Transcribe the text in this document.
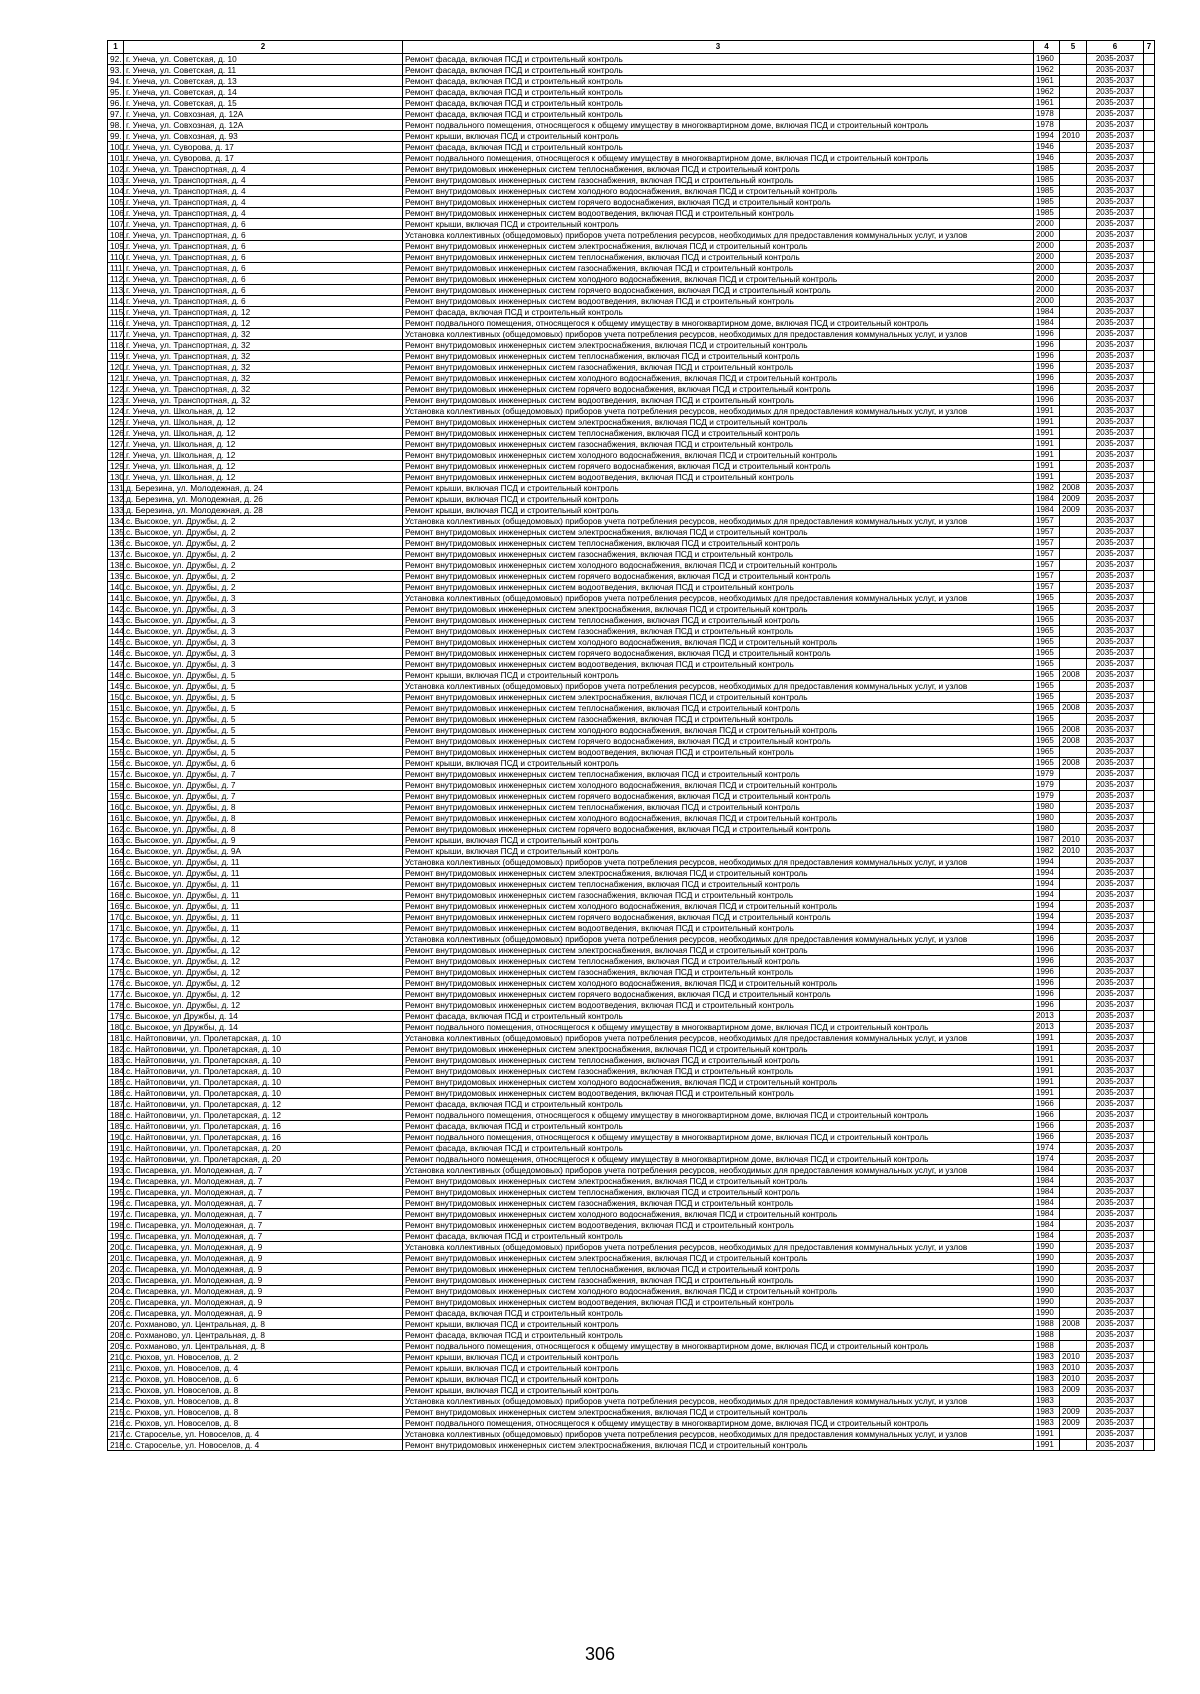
1	2	3	4	5	6	7
92.	г. Унеча, ул. Советская, д. 10	Ремонт фасада, включая ПСД и строительный контроль	1960		2035-2037	
93.	г. Унеча, ул. Советская, д. 11	Ремонт фасада, включая ПСД и строительный контроль	1962		2035-2037	
94.	г. Унеча, ул. Советская, д. 13	Ремонт фасада, включая ПСД и строительный контроль	1961		2035-2037	
95.	г. Унеча, ул. Советская, д. 14	Ремонт фасада, включая ПСД и строительный контроль	1962		2035-2037	
96.	г. Унеча, ул. Советская, д. 15	Ремонт фасада, включая ПСД и строительный контроль	1961		2035-2037	
97.	г. Унеча, ул. Совхозная, д. 12А	Ремонт фасада, включая ПСД и строительный контроль	1978		2035-2037	
98.	г. Унеча, ул. Совхозная, д. 12А	Ремонт подвального помещения, относящегося к общему имуществу в многоквартирном доме, включая ПСД и строительный контроль	1978		2035-2037	
99.	г. Унеча, ул. Совхозная, д. 93	Ремонт крыши, включая ПСД и строительный контроль	1994	2010	2035-2037	
100.	г. Унеча, ул. Суворова, д. 17	Ремонт фасада, включая ПСД и строительный контроль	1946		2035-2037	
101.	г. Унеча, ул. Суворова, д. 17	Ремонт подвального помещения, относящегося к общему имуществу в многоквартирном доме, включая ПСД и строительный контроль	1946		2035-2037	
102.	г. Унеча, ул. Транспортная, д. 4	Ремонт внутридомовых инженерных систем теплоснабжения, включая ПСД и строительный контроль	1985		2035-2037	
103.	г. Унеча, ул. Транспортная, д. 4	Ремонт внутридомовых инженерных систем газоснабжения, включая ПСД и строительный контроль	1985		2035-2037	
104.	г. Унеча, ул. Транспортная, д. 4	Ремонт внутридомовых инженерных систем холодного водоснабжения, включая ПСД и строительный контроль	1985		2035-2037	
105.	г. Унеча, ул. Транспортная, д. 4	Ремонт внутридомовых инженерных систем горячего водоснабжения, включая ПСД и строительный контроль	1985		2035-2037	
106.	г. Унеча, ул. Транспортная, д. 4	Ремонт внутридомовых инженерных систем водоотведения, включая ПСД и строительный контроль	1985		2035-2037	
107.	г. Унеча, ул. Транспортная, д. 6	Ремонт крыши, включая ПСД и строительный контроль	2000		2035-2037	
108.	г. Унеча, ул. Транспортная, д. 6	Установка коллективных (общедомовых) приборов учета потребления ресурсов, необходимых для предоставления коммунальных услуг, и узлов	2000		2035-2037	
109.	г. Унеча, ул. Транспортная, д. 6	Ремонт внутридомовых инженерных систем электроснабжения, включая ПСД и строительный контроль	2000		2035-2037	
110.	г. Унеча, ул. Транспортная, д. 6	Ремонт внутридомовых инженерных систем теплоснабжения, включая ПСД и строительный контроль	2000		2035-2037	
111.	г. Унеча, ул. Транспортная, д. 6	Ремонт внутридомовых инженерных систем газоснабжения, включая ПСД и строительный контроль	2000		2035-2037	
112.	г. Унеча, ул. Транспортная, д. 6	Ремонт внутридомовых инженерных систем холодного водоснабжения, включая ПСД и строительный контроль	2000		2035-2037	
113.	г. Унеча, ул. Транспортная, д. 6	Ремонт внутридомовых инженерных систем горячего водоснабжения, включая ПСД и строительный контроль	2000		2035-2037	
114.	г. Унеча, ул. Транспортная, д. 6	Ремонт внутридомовых инженерных систем водоотведения, включая ПСД и строительный контроль	2000		2035-2037	
115.	г. Унеча, ул. Транспортная, д. 12	Ремонт фасада, включая ПСД и строительный контроль	1984		2035-2037	
116.	г. Унеча, ул. Транспортная, д. 12	Ремонт подвального помещения, относящегося к общему имуществу в многоквартирном доме, включая ПСД и строительный контроль	1984		2035-2037	
117.	г. Унеча, ул. Транспортная, д. 32	Установка коллективных (общедомовых) приборов учета потребления ресурсов, необходимых для предоставления коммунальных услуг, и узлов	1996		2035-2037	
118.	г. Унеча, ул. Транспортная, д. 32	Ремонт внутридомовых инженерных систем электроснабжения, включая ПСД и строительный контроль	1996		2035-2037	
119.	г. Унеча, ул. Транспортная, д. 32	Ремонт внутридомовых инженерных систем теплоснабжения, включая ПСД и строительный контроль	1996		2035-2037	
120.	г. Унеча, ул. Транспортная, д. 32	Ремонт внутридомовых инженерных систем газоснабжения, включая ПСД и строительный контроль	1996		2035-2037	
121.	г. Унеча, ул. Транспортная, д. 32	Ремонт внутридомовых инженерных систем холодного водоснабжения, включая ПСД и строительный контроль	1996		2035-2037	
122.	г. Унеча, ул. Транспортная, д. 32	Ремонт внутридомовых инженерных систем горячего водоснабжения, включая ПСД и строительный контроль	1996		2035-2037	
123.	г. Унеча, ул. Транспортная, д. 32	Ремонт внутридомовых инженерных систем водоотведения, включая ПСД и строительный контроль	1996		2035-2037	
124.	г. Унеча, ул. Школьная, д. 12	Установка коллективных (общедомовых) приборов учета потребления ресурсов, необходимых для предоставления коммунальных услуг, и узлов	1991		2035-2037	
125.	г. Унеча, ул. Школьная, д. 12	Ремонт внутридомовых инженерных систем электроснабжения, включая ПСД и строительный контроль	1991		2035-2037	
126.	г. Унеча, ул. Школьная, д. 12	Ремонт внутридомовых инженерных систем теплоснабжения, включая ПСД и строительный контроль	1991		2035-2037	
127.	г. Унеча, ул. Школьная, д. 12	Ремонт внутридомовых инженерных систем газоснабжения, включая ПСД и строительный контроль	1991		2035-2037	
128.	г. Унеча, ул. Школьная, д. 12	Ремонт внутридомовых инженерных систем холодного водоснабжения, включая ПСД и строительный контроль	1991		2035-2037	
129.	г. Унеча, ул. Школьная, д. 12	Ремонт внутридомовых инженерных систем горячего водоснабжения, включая ПСД и строительный контроль	1991		2035-2037	
130.	г. Унеча, ул. Школьная, д. 12	Ремонт внутридомовых инженерных систем водоотведения, включая ПСД и строительный контроль	1991		2035-2037	
131.	д. Березина, ул. Молодежная, д. 24	Ремонт крыши, включая ПСД и строительный контроль	1982	2008	2035-2037	
132.	д. Березина, ул. Молодежная, д. 26	Ремонт крыши, включая ПСД и строительный контроль	1984	2009	2035-2037	
133.	д. Березина, ул. Молодежная, д. 28	Ремонт крыши, включая ПСД и строительный контроль	1984	2009	2035-2037	
134.	с. Высокое, ул. Дружбы, д. 2	Установка коллективных (общедомовых) приборов учета потребления ресурсов, необходимых для предоставления коммунальных услуг, и узлов	1957		2035-2037	
135.	с. Высокое, ул. Дружбы, д. 2	Ремонт внутридомовых инженерных систем электроснабжения, включая ПСД и строительный контроль	1957		2035-2037	
136.	с. Высокое, ул. Дружбы, д. 2	Ремонт внутридомовых инженерных систем теплоснабжения, включая ПСД и строительный контроль	1957		2035-2037	
137.	с. Высокое, ул. Дружбы, д. 2	Ремонт внутридомовых инженерных систем газоснабжения, включая ПСД и строительный контроль	1957		2035-2037	
138.	с. Высокое, ул. Дружбы, д. 2	Ремонт внутридомовых инженерных систем холодного водоснабжения, включая ПСД и строительный контроль	1957		2035-2037	
139.	с. Высокое, ул. Дружбы, д. 2	Ремонт внутридомовых инженерных систем горячего водоснабжения, включая ПСД и строительный контроль	1957		2035-2037	
140.	с. Высокое, ул. Дружбы, д. 2	Ремонт внутридомовых инженерных систем водоотведения, включая ПСД и строительный контроль	1957		2035-2037	
141.	с. Высокое, ул. Дружбы, д. 3	Установка коллективных (общедомовых) приборов учета потребления ресурсов, необходимых для предоставления коммунальных услуг, и узлов	1965		2035-2037	
142.	с. Высокое, ул. Дружбы, д. 3	Ремонт внутридомовых инженерных систем электроснабжения, включая ПСД и строительный контроль	1965		2035-2037	
143.	с. Высокое, ул. Дружбы, д. 3	Ремонт внутридомовых инженерных систем теплоснабжения, включая ПСД и строительный контроль	1965		2035-2037	
144.	с. Высокое, ул. Дружбы, д. 3	Ремонт внутридомовых инженерных систем газоснабжения, включая ПСД и строительный контроль	1965		2035-2037	
145.	с. Высокое, ул. Дружбы, д. 3	Ремонт внутридомовых инженерных систем холодного водоснабжения, включая ПСД и строительный контроль	1965		2035-2037	
146.	с. Высокое, ул. Дружбы, д. 3	Ремонт внутридомовых инженерных систем горячего водоснабжения, включая ПСД и строительный контроль	1965		2035-2037	
147.	с. Высокое, ул. Дружбы, д. 3	Ремонт внутридомовых инженерных систем водоотведения, включая ПСД и строительный контроль	1965		2035-2037	
148.	с. Высокое, ул. Дружбы, д. 5	Ремонт крыши, включая ПСД и строительный контроль	1965	2008	2035-2037	
149.	с. Высокое, ул. Дружбы, д. 5	Установка коллективных (общедомовых) приборов учета потребления ресурсов, необходимых для предоставления коммунальных услуг, и узлов	1965		2035-2037	
150.	с. Высокое, ул. Дружбы, д. 5	Ремонт внутридомовых инженерных систем электроснабжения, включая ПСД и строительный контроль	1965		2035-2037	
151.	с. Высокое, ул. Дружбы, д. 5	Ремонт внутридомовых инженерных систем теплоснабжения, включая ПСД и строительный контроль	1965	2008	2035-2037	
152.	с. Высокое, ул. Дружбы, д. 5	Ремонт внутридомовых инженерных систем газоснабжения, включая ПСД и строительный контроль	1965		2035-2037	
153.	с. Высокое, ул. Дружбы, д. 5	Ремонт внутридомовых инженерных систем холодного водоснабжения, включая ПСД и строительный контроль	1965	2008	2035-2037	
154.	с. Высокое, ул. Дружбы, д. 5	Ремонт внутридомовых инженерных систем горячего водоснабжения, включая ПСД и строительный контроль	1965	2008	2035-2037	
155.	с. Высокое, ул. Дружбы, д. 5	Ремонт внутридомовых инженерных систем водоотведения, включая ПСД и строительный контроль	1965		2035-2037	
156.	с. Высокое, ул. Дружбы, д. 6	Ремонт крыши, включая ПСД и строительный контроль	1965	2008	2035-2037	
157.	с. Высокое, ул. Дружбы, д. 7	Ремонт внутридомовых инженерных систем теплоснабжения, включая ПСД и строительный контроль	1979		2035-2037	
158.	с. Высокое, ул. Дружбы, д. 7	Ремонт внутридомовых инженерных систем холодного водоснабжения, включая ПСД и строительный контроль	1979		2035-2037	
159.	с. Высокое, ул. Дружбы, д. 7	Ремонт внутридомовых инженерных систем горячего водоснабжения, включая ПСД и строительный контроль	1979		2035-2037	
160.	с. Высокое, ул. Дружбы, д. 8	Ремонт внутридомовых инженерных систем теплоснабжения, включая ПСД и строительный контроль	1980		2035-2037	
161.	с. Высокое, ул. Дружбы, д. 8	Ремонт внутридомовых инженерных систем холодного водоснабжения, включая ПСД и строительный контроль	1980		2035-2037	
162.	с. Высокое, ул. Дружбы, д. 8	Ремонт внутридомовых инженерных систем горячего водоснабжения, включая ПСД и строительный контроль	1980		2035-2037	
163.	с. Высокое, ул. Дружбы, д. 9	Ремонт крыши, включая ПСД и строительный контроль	1987	2010	2035-2037	
164.	с. Высокое, ул. Дружбы, д. 9А	Ремонт крыши, включая ПСД и строительный контроль	1982	2010	2035-2037	
165.	с. Высокое, ул. Дружбы, д. 11	Установка коллективных (общедомовых) приборов учета потребления ресурсов, необходимых для предоставления коммунальных услуг, и узлов	1994		2035-2037	
166.	с. Высокое, ул. Дружбы, д. 11	Ремонт внутридомовых инженерных систем электроснабжения, включая ПСД и строительный контроль	1994		2035-2037	
167.	с. Высокое, ул. Дружбы, д. 11	Ремонт внутридомовых инженерных систем теплоснабжения, включая ПСД и строительный контроль	1994		2035-2037	
168.	с. Высокое, ул. Дружбы, д. 11	Ремонт внутридомовых инженерных систем газоснабжения, включая ПСД и строительный контроль	1994		2035-2037	
169.	с. Высокое, ул. Дружбы, д. 11	Ремонт внутридомовых инженерных систем холодного водоснабжения, включая ПСД и строительный контроль	1994		2035-2037	
170.	с. Высокое, ул. Дружбы, д. 11	Ремонт внутридомовых инженерных систем горячего водоснабжения, включая ПСД и строительный контроль	1994		2035-2037	
171.	с. Высокое, ул. Дружбы, д. 11	Ремонт внутридомовых инженерных систем водоотведения, включая ПСД и строительный контроль	1994		2035-2037	
172.	с. Высокое, ул. Дружбы, д. 12	Установка коллективных (общедомовых) приборов учета потребления ресурсов, необходимых для предоставления коммунальных услуг, и узлов	1996		2035-2037	
173.	с. Высокое, ул. Дружбы, д. 12	Ремонт внутридомовых инженерных систем электроснабжения, включая ПСД и строительный контроль	1996		2035-2037	
174.	с. Высокое, ул. Дружбы, д. 12	Ремонт внутридомовых инженерных систем теплоснабжения, включая ПСД и строительный контроль	1996		2035-2037	
175.	с. Высокое, ул. Дружбы, д. 12	Ремонт внутридомовых инженерных систем газоснабжения, включая ПСД и строительный контроль	1996		2035-2037	
176.	с. Высокое, ул. Дружбы, д. 12	Ремонт внутридомовых инженерных систем холодного водоснабжения, включая ПСД и строительный контроль	1996		2035-2037	
177.	с. Высокое, ул. Дружбы, д. 12	Ремонт внутридомовых инженерных систем горячего водоснабжения, включая ПСД и строительный контроль	1996		2035-2037	
178.	с. Высокое, ул. Дружбы, д. 12	Ремонт внутридомовых инженерных систем водоотведения, включая ПСД и строительный контроль	1996		2035-2037	
179.	с. Высокое, ул Дружбы, д. 14	Ремонт фасада, включая ПСД и строительный контроль	2013		2035-2037	
180.	с. Высокое, ул Дружбы, д. 14	Ремонт подвального помещения, относящегося к общему имуществу в многоквартирном доме, включая ПСД и строительный контроль	2013		2035-2037	
181.	с. Найтоповичи, ул. Пролетарская, д. 10	Установка коллективных (общедомовых) приборов учета потребления ресурсов, необходимых для предоставления коммунальных услуг, и узлов	1991		2035-2037	
182.	с. Найтоповичи, ул. Пролетарская, д. 10	Ремонт внутридомовых инженерных систем электроснабжения, включая ПСД и строительный контроль	1991		2035-2037	
183.	с. Найтоповичи, ул. Пролетарская, д. 10	Ремонт внутридомовых инженерных систем теплоснабжения, включая ПСД и строительный контроль	1991		2035-2037	
184.	с. Найтоповичи, ул. Пролетарская, д. 10	Ремонт внутридомовых инженерных систем газоснабжения, включая ПСД и строительный контроль	1991		2035-2037	
185.	с. Найтоповичи, ул. Пролетарская, д. 10	Ремонт внутридомовых инженерных систем холодного водоснабжения, включая ПСД и строительный контроль	1991		2035-2037	
186.	с. Найтоповичи, ул. Пролетарская, д. 10	Ремонт внутридомовых инженерных систем водоотведения, включая ПСД и строительный контроль	1991		2035-2037	
187.	с. Найтоповичи, ул. Пролетарская, д. 12	Ремонт фасада, включая ПСД и строительный контроль	1966		2035-2037	
188.	с. Найтоповичи, ул. Пролетарская, д. 12	Ремонт подвального помещения, относящегося к общему имуществу в многоквартирном доме, включая ПСД и строительный контроль	1966		2035-2037	
189.	с. Найтоповичи, ул. Пролетарская, д. 16	Ремонт фасада, включая ПСД и строительный контроль	1966		2035-2037	
190.	с. Найтоповичи, ул. Пролетарская, д. 16	Ремонт подвального помещения, относящегося к общему имуществу в многоквартирном доме, включая ПСД и строительный контроль	1966		2035-2037	
191.	с. Найтоповичи, ул. Пролетарская, д. 20	Ремонт фасада, включая ПСД и строительный контроль	1974		2035-2037	
192.	с. Найтоповичи, ул. Пролетарская, д. 20	Ремонт подвального помещения, относящегося к общему имуществу в многоквартирном доме, включая ПСД и строительный контроль	1974		2035-2037	
193.	с. Писаревка, ул. Молодежная, д. 7	Установка коллективных (общедомовых) приборов учета потребления ресурсов, необходимых для предоставления коммунальных услуг, и узлов	1984		2035-2037	
194.	с. Писаревка, ул. Молодежная, д. 7	Ремонт внутридомовых инженерных систем электроснабжения, включая ПСД и строительный контроль	1984		2035-2037	
195.	с. Писаревка, ул. Молодежная, д. 7	Ремонт внутридомовых инженерных систем теплоснабжения, включая ПСД и строительный контроль	1984		2035-2037	
196.	с. Писаревка, ул. Молодежная, д. 7	Ремонт внутридомовых инженерных систем газоснабжения, включая ПСД и строительный контроль	1984		2035-2037	
197.	с. Писаревка, ул. Молодежная, д. 7	Ремонт внутридомовых инженерных систем холодного водоснабжения, включая ПСД и строительный контроль	1984		2035-2037	
198.	с. Писаревка, ул. Молодежная, д. 7	Ремонт внутридомовых инженерных систем водоотведения, включая ПСД и строительный контроль	1984		2035-2037	
199.	с. Писаревка, ул. Молодежная, д. 7	Ремонт фасада, включая ПСД и строительный контроль	1984		2035-2037	
200.	с. Писаревка, ул. Молодежная, д. 9	Установка коллективных (общедомовых) приборов учета потребления ресурсов, необходимых для предоставления коммунальных услуг, и узлов	1990		2035-2037	
201.	с. Писаревка, ул. Молодежная, д. 9	Ремонт внутридомовых инженерных систем электроснабжения, включая ПСД и строительный контроль	1990		2035-2037	
202.	с. Писаревка, ул. Молодежная, д. 9	Ремонт внутридомовых инженерных систем теплоснабжения, включая ПСД и строительный контроль	1990		2035-2037	
203.	с. Писаревка, ул. Молодежная, д. 9	Ремонт внутридомовых инженерных систем газоснабжения, включая ПСД и строительный контроль	1990		2035-2037	
204.	с. Писаревка, ул. Молодежная, д. 9	Ремонт внутридомовых инженерных систем холодного водоснабжения, включая ПСД и строительный контроль	1990		2035-2037	
205.	с. Писаревка, ул. Молодежная, д. 9	Ремонт внутридомовых инженерных систем водоотведения, включая ПСД и строительный контроль	1990		2035-2037	
206.	с. Писаревка, ул. Молодежная, д. 9	Ремонт фасада, включая ПСД и строительный контроль	1990		2035-2037	
207.	с. Рохманово, ул. Центральная, д. 8	Ремонт крыши, включая ПСД и строительный контроль	1988	2008	2035-2037	
208.	с. Рохманово, ул. Центральная, д. 8	Ремонт фасада, включая ПСД и строительный контроль	1988		2035-2037	
209.	с. Рохманово, ул. Центральная, д. 8	Ремонт подвального помещения, относящегося к общему имуществу в многоквартирном доме, включая ПСД и строительный контроль	1988		2035-2037	
210.	с. Рюхов, ул. Новоселов, д. 2	Ремонт крыши, включая ПСД и строительный контроль	1983	2010	2035-2037	
211.	с. Рюхов, ул. Новоселов, д. 4	Ремонт крыши, включая ПСД и строительный контроль	1983	2010	2035-2037	
212.	с. Рюхов, ул. Новоселов, д. 6	Ремонт крыши, включая ПСД и строительный контроль	1983	2010	2035-2037	
213.	с. Рюхов, ул. Новоселов, д. 8	Ремонт крыши, включая ПСД и строительный контроль	1983	2009	2035-2037	
214.	с. Рюхов, ул. Новоселов, д. 8	Установка коллективных (общедомовых) приборов учета потребления ресурсов, необходимых для предоставления коммунальных услуг, и узлов	1983		2035-2037	
215.	с. Рюхов, ул. Новоселов, д. 8	Ремонт внутридомовых инженерных систем электроснабжения, включая ПСД и строительный контроль	1983	2009	2035-2037	
216.	с. Рюхов, ул. Новоселов, д. 8	Ремонт подвального помещения, относящегося к общему имуществу в многоквартирном доме, включая ПСД и строительный контроль	1983	2009	2035-2037	
217.	с. Староселье, ул. Новоселов, д. 4	Установка коллективных (общедомовых) приборов учета потребления ресурсов, необходимых для предоставления коммунальных услуг, и узлов	1991		2035-2037	
218.	с. Староселье, ул. Новоселов, д. 4	Ремонт внутридомовых инженерных систем электроснабжения, включая ПСД и строительный контроль	1991		2035-2037	
306
